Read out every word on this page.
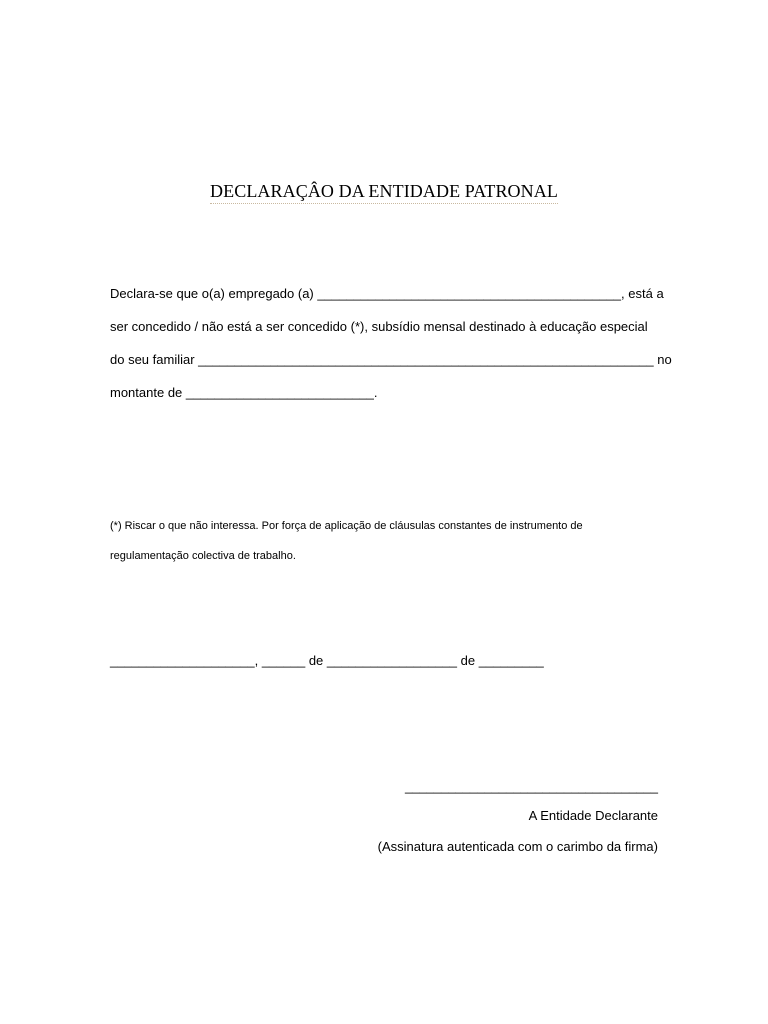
DECLARAÇÂO DA ENTIDADE PATRONAL
Declara-se que o(a) empregado (a) __________________________________________, está a
ser concedido / não está a ser concedido (*), subsídio mensal destinado à educação especial
do seu familiar _______________________________________________________________ no
montante de __________________________.
(*) Riscar o que não interessa. Por força de aplicação de cláusulas constantes de instrumento de
regulamentação colectiva de trabalho.
____________________, ______ de __________________ de _________
___________________________________
A Entidade Declarante
(Assinatura autenticada com o carimbo da firma)
